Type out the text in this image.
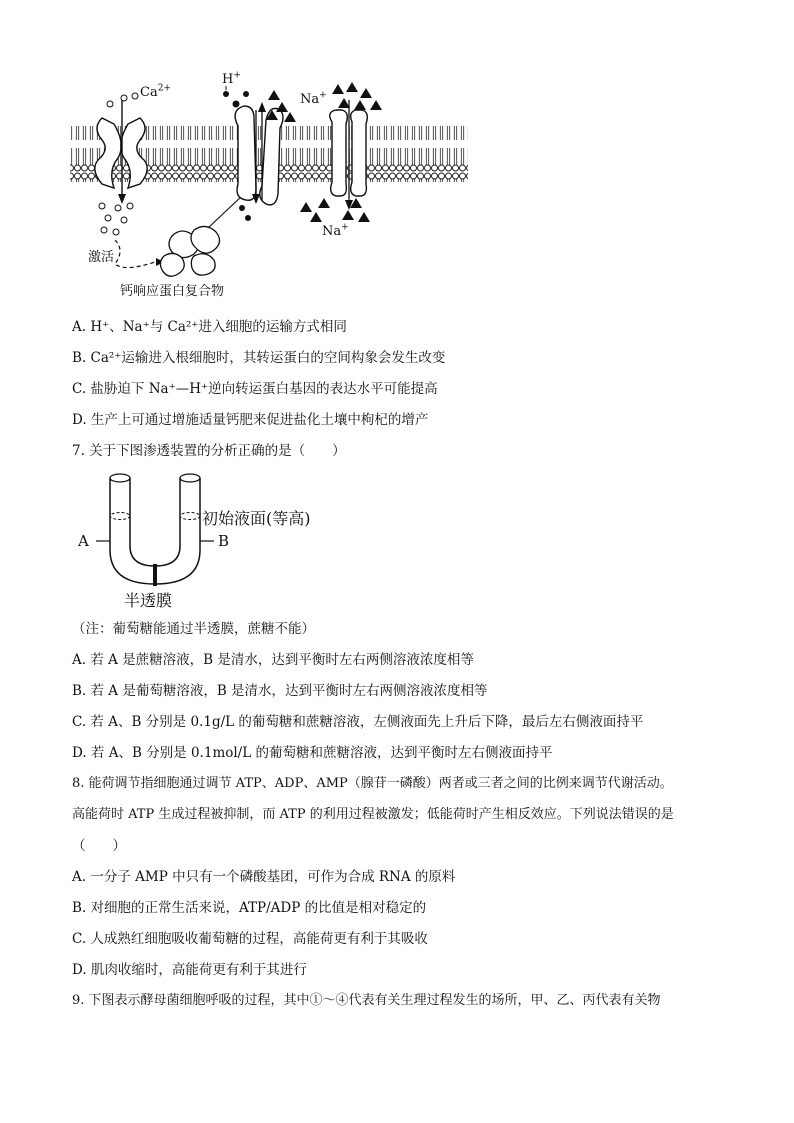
$Ca^{2+}$
H+
Na+
Na+
激活
钙响应蛋白复合物
A. H⁺、Na⁺与 Ca²⁺进入细胞的运输方式相同
B. Ca²⁺运输进入根细胞时，其转运蛋白的空间构象会发生改变
C. 盐胁迫下 Na⁺—H⁺逆向转运蛋白基因的表达水平可能提高
D. 生产上可通过增施适量钙肥来促进盐化土壤中枸杞的增产
7. 关于下图渗透装置的分析正确的是（　　）
A	B
初始液面(等高)
半透膜
（注：葡萄糖能通过半透膜，蔗糖不能）
A. 若 A 是蔗糖溶液，B 是清水，达到平衡时左右两侧溶液浓度相等
B. 若 A 是葡萄糖溶液，B 是清水，达到平衡时左右两侧溶液浓度相等
C. 若 A、B 分别是 0.1g/L 的葡萄糖和蔗糖溶液，左侧液面先上升后下降，最后左右侧液面持平
D. 若 A、B 分别是 0.1mol/L 的葡萄糖和蔗糖溶液，达到平衡时左右侧液面持平
8. 能荷调节指细胞通过调节 ATP、ADP、AMP（腺苷一磷酸）两者或三者之间的比例来调节代谢活动。
高能荷时 ATP 生成过程被抑制，而 ATP 的利用过程被激发；低能荷时产生相反效应。下列说法错误的是
（　　）
A. 一分子 AMP 中只有一个磷酸基团，可作为合成 RNA 的原料
B. 对细胞的正常生活来说，ATP/ADP 的比值是相对稳定的
C. 人成熟红细胞吸收葡萄糖的过程，高能荷更有利于其吸收
D. 肌肉收缩时，高能荷更有利于其进行
9. 下图表示酵母菌细胞呼吸的过程，其中①～④代表有关生理过程发生的场所，甲、乙、丙代表有关物
